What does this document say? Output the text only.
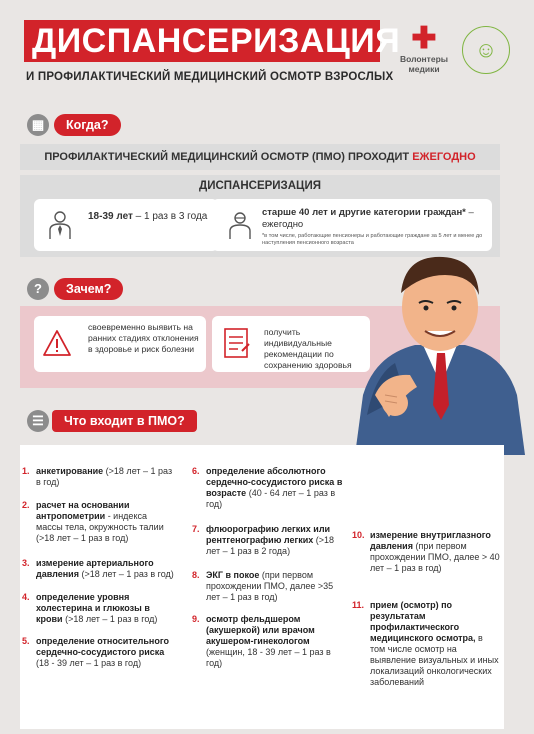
ДИСПАНСЕРИЗАЦИЯ
И ПРОФИЛАКТИЧЕСКИЙ МЕДИЦИНСКИЙ ОСМОТР ВЗРОСЛЫХ
✚
Волонтеры медики
☺
▦	Когда?
ПРОФИЛАКТИЧЕСКИЙ МЕДИЦИНСКИЙ ОСМОТР (ПМО) ПРОХОДИТ ЕЖЕГОДНО
ДИСПАНСЕРИЗАЦИЯ
18-39 лет – 1 раз в 3 года	старше 40 лет и другие категории граждан* – ежегодно
*в том числе, работающие пенсионеры и работающие граждане за 5 лет и менее до наступления пенсионного возраста
?	Зачем?
своевременно выявить на ранних стадиях отклонения в здоровье и риск болезни
получить индивидуальные рекомендации по сохранению здоровья
1. анкетирование (>18 лет – 1 раз в год)
2. расчет на основании антропометрии - индекса массы тела, окружность талии (>18 лет – 1 раз в год)
3. измерение артериального давления (>18 лет – 1 раз в год)
4. определение уровня холестерина и глюкозы в крови (>18 лет – 1 раз в год)
5. определение относительного сердечно-сосудистого риска (18 - 39 лет – 1 раз в год)
6. определение абсолютного сердечно-сосудистого риска в возрасте (40 - 64 лет – 1 раз в год)
7. флюорографию легких или рентгенографию легких (>18 лет – 1 раз в 2 года)
8. ЭКГ в покое (при первом прохождении ПМО, далее >35 лет – 1 раз в год)
9. осмотр фельдшером (акушеркой) или врачом акушером-гинекологом (женщин, 18 - 39 лет – 1 раз в год)
10. измерение внутриглазного давления (при первом прохождении ПМО, далее > 40 лет – 1 раз в год)
11. прием (осмотр) по результатам профилактического медицинского осмотра, в том числе осмотр на выявление визуальных и иных локализаций онкологических заболеваний
☰	Что входит в ПМО?
